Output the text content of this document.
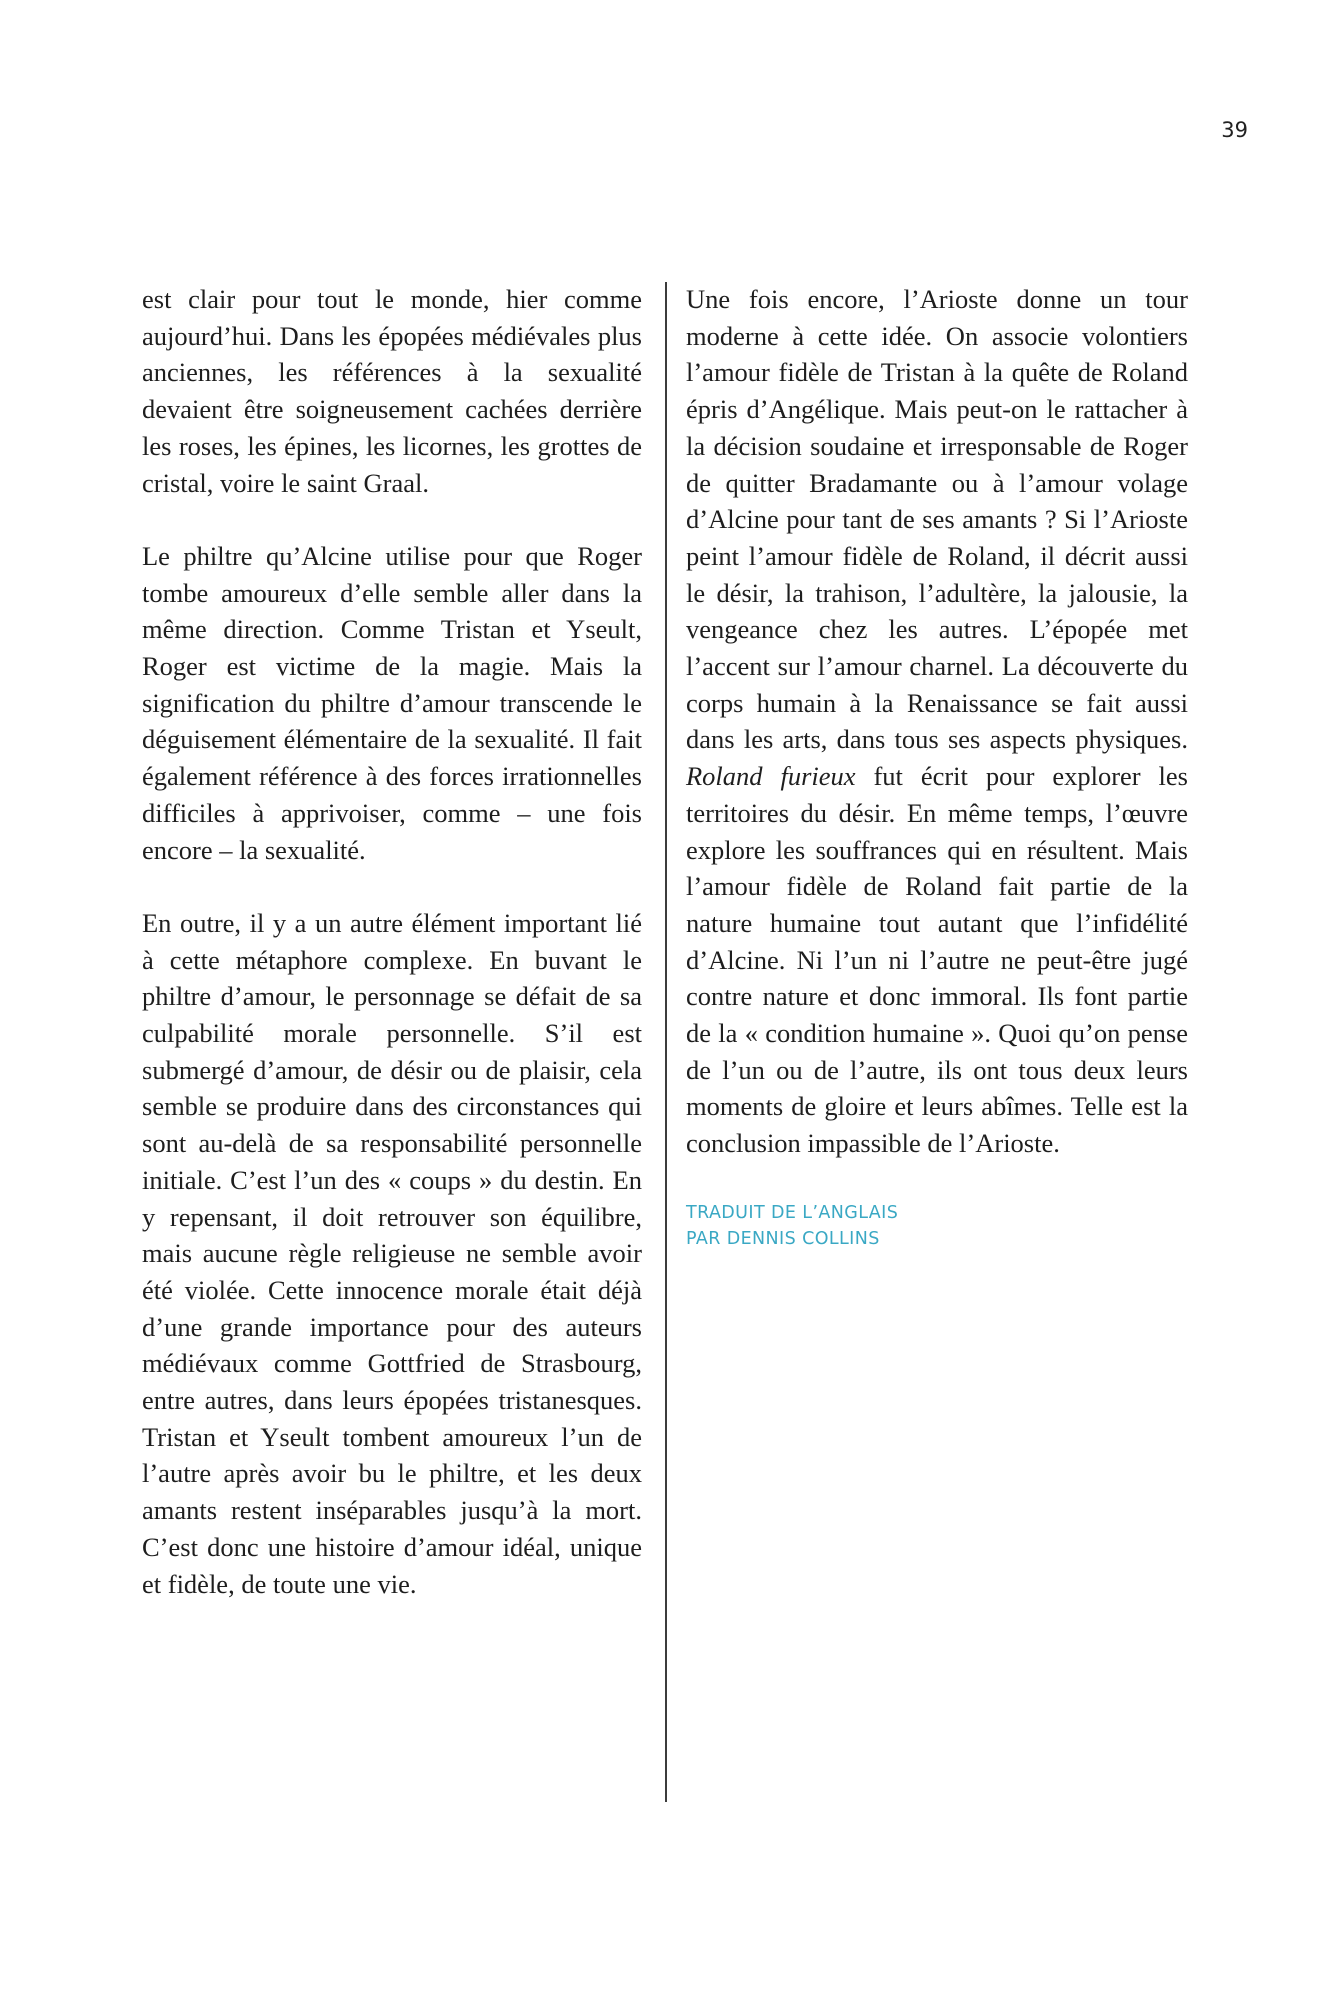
39

est clair pour tout le monde, hier comme aujourd’hui. Dans les épopées médiévales plus anciennes, les références à la sexualité devaient être soigneusement cachées derrière les roses, les épines, les licornes, les grottes de cristal, voire le saint Graal.

Le philtre qu’Alcine utilise pour que Roger tombe amoureux d’elle semble aller dans la même direction. Comme Tristan et Yseult, Roger est victime de la magie. Mais la signification du philtre d’amour transcende le déguisement élémentaire de la sexualité. Il fait également référence à des forces irrationnelles difficiles à apprivoiser, comme – une fois encore – la sexualité.

En outre, il y a un autre élément important lié à cette métaphore complexe. En buvant le philtre d’amour, le personnage se défait de sa culpabilité morale personnelle. S’il est submergé d’amour, de désir ou de plaisir, cela semble se produire dans des circonstances qui sont au-delà de sa responsabilité personnelle initiale. C’est l’un des « coups » du destin. En y repensant, il doit retrouver son équilibre, mais aucune règle religieuse ne semble avoir été violée. Cette innocence morale était déjà d’une grande importance pour des auteurs médiévaux comme Gottfried de Strasbourg, entre autres, dans leurs épopées tristanesques. Tristan et Yseult tombent amoureux l’un de l’autre après avoir bu le philtre, et les deux amants restent inséparables jusqu’à la mort. C’est donc une histoire d’amour idéal, unique et fidèle, de toute une vie.

Une fois encore, l’Arioste donne un tour moderne à cette idée. On associe volontiers l’amour fidèle de Tristan à la quête de Roland épris d’Angélique. Mais peut-on le rattacher à la décision soudaine et irresponsable de Roger de quitter Bradamante ou à l’amour volage d’Alcine pour tant de ses amants ? Si l’Arioste peint l’amour fidèle de Roland, il décrit aussi le désir, la trahison, l’adultère, la jalousie, la vengeance chez les autres. L’épopée met l’accent sur l’amour charnel. La découverte du corps humain à la Renaissance se fait aussi dans les arts, dans tous ses aspects physiques. Roland furieux fut écrit pour explorer les territoires du désir. En même temps, l’œuvre explore les souffrances qui en résultent. Mais l’amour fidèle de Roland fait partie de la nature humaine tout autant que l’infidélité d’Alcine. Ni l’un ni l’autre ne peut-être jugé contre nature et donc immoral. Ils font partie de la « condition humaine ». Quoi qu’on pense de l’un ou de l’autre, ils ont tous deux leurs moments de gloire et leurs abîmes. Telle est la conclusion impassible de l’Arioste.

TRADUIT DE L’ANGLAIS
PAR DENNIS COLLINS
